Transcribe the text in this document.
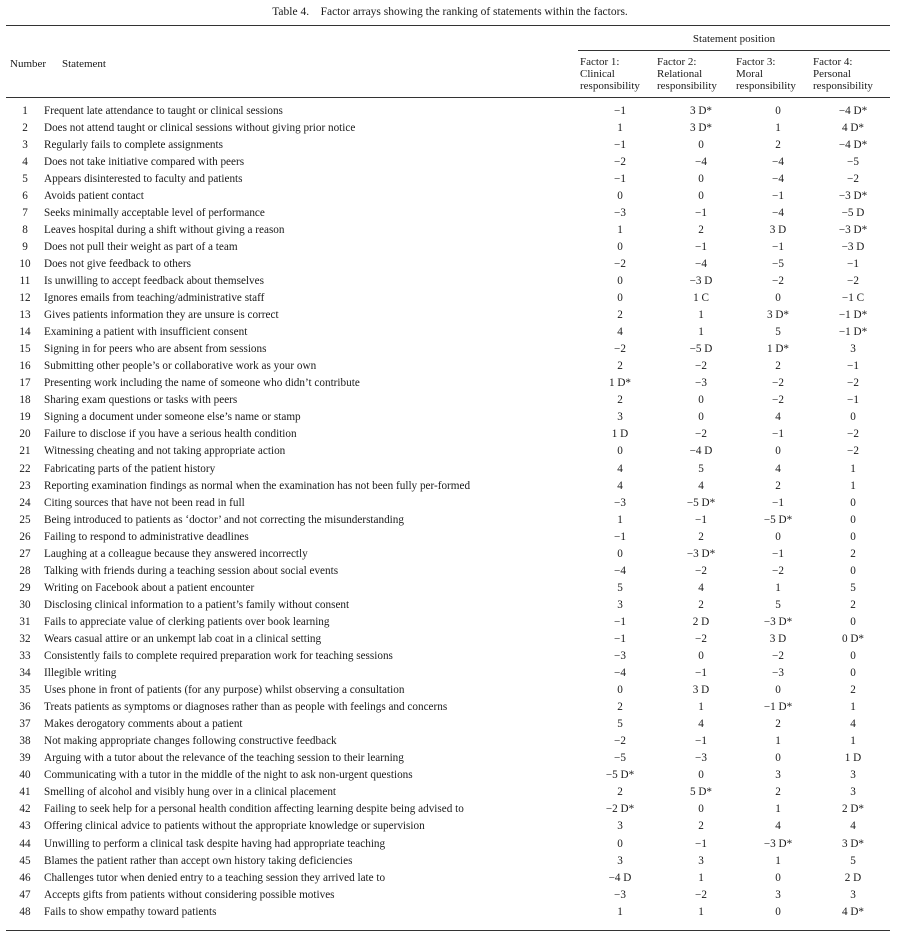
Table 4. Factor arrays showing the ranking of statements within the factors.
Number Statement
Statement position
Factor 1:
Clinical
responsibility
Factor 2:
Relational
responsibility
Factor 3:
Moral
responsibility
Factor 4:
Personal
responsibility
1	Frequent late attendance to taught or clinical sessions	−1	3 D*	0	−4 D*
2	Does not attend taught or clinical sessions without giving prior notice	1	3 D*	1	4 D*
3	Regularly fails to complete assignments	−1	0	2	−4 D*
4	Does not take initiative compared with peers	−2	−4	−4	−5
5	Appears disinterested to faculty and patients	−1	0	−4	−2
6	Avoids patient contact	0	0	−1	−3 D*
7	Seeks minimally acceptable level of performance	−3	−1	−4	−5 D
8	Leaves hospital during a shift without giving a reason	1	2	3 D	−3 D*
9	Does not pull their weight as part of a team	0	−1	−1	−3 D
10	Does not give feedback to others	−2	−4	−5	−1
11	Is unwilling to accept feedback about themselves	0	−3 D	−2	−2
12	Ignores emails from teaching/administrative staff	0	1 C	0	−1 C
13	Gives patients information they are unsure is correct	2	1	3 D*	−1 D*
14	Examining a patient with insufficient consent	4	1	5	−1 D*
15	Signing in for peers who are absent from sessions	−2	−5 D	1 D*	3
16	Submitting other people’s or collaborative work as your own	2	−2	2	−1
17	Presenting work including the name of someone who didn’t contribute	1 D*	−3	−2	−2
18	Sharing exam questions or tasks with peers	2	0	−2	−1
19	Signing a document under someone else’s name or stamp	3	0	4	0
20	Failure to disclose if you have a serious health condition	1 D	−2	−1	−2
21	Witnessing cheating and not taking appropriate action	0	−4 D	0	−2
22	Fabricating parts of the patient history	4	5	4	1
23	Reporting examination findings as normal when the examination has not been fully per-formed	4	4	2	1
24	Citing sources that have not been read in full	−3	−5 D*	−1	0
25	Being introduced to patients as ‘doctor’ and not correcting the misunderstanding	1	−1	−5 D*	0
26	Failing to respond to administrative deadlines	−1	2	0	0
27	Laughing at a colleague because they answered incorrectly	0	−3 D*	−1	2
28	Talking with friends during a teaching session about social events	−4	−2	−2	0
29	Writing on Facebook about a patient encounter	5	4	1	5
30	Disclosing clinical information to a patient’s family without consent	3	2	5	2
31	Fails to appreciate value of clerking patients over book learning	−1	2 D	−3 D*	0
32	Wears casual attire or an unkempt lab coat in a clinical setting	−1	−2	3 D	0 D*
33	Consistently fails to complete required preparation work for teaching sessions	−3	0	−2	0
34	Illegible writing	−4	−1	−3	0
35	Uses phone in front of patients (for any purpose) whilst observing a consultation	0	3 D	0	2
36	Treats patients as symptoms or diagnoses rather than as people with feelings and concerns	2	1	−1 D*	1
37	Makes derogatory comments about a patient	5	4	2	4
38	Not making appropriate changes following constructive feedback	−2	−1	1	1
39	Arguing with a tutor about the relevance of the teaching session to their learning	−5	−3	0	1 D
40	Communicating with a tutor in the middle of the night to ask non-urgent questions	−5 D*	0	3	3
41	Smelling of alcohol and visibly hung over in a clinical placement	2	5 D*	2	3
42	Failing to seek help for a personal health condition affecting learning despite being advised to	−2 D*	0	1	2 D*
43	Offering clinical advice to patients without the appropriate knowledge or supervision	3	2	4	4
44	Unwilling to perform a clinical task despite having had appropriate teaching	0	−1	−3 D*	3 D*
45	Blames the patient rather than accept own history taking deficiencies	3	3	1	5
46	Challenges tutor when denied entry to a teaching session they arrived late to	−4 D	1	0	2 D
47	Accepts gifts from patients without considering possible motives	−3	−2	3	3
48	Fails to show empathy toward patients	1	1	0	4 D*
